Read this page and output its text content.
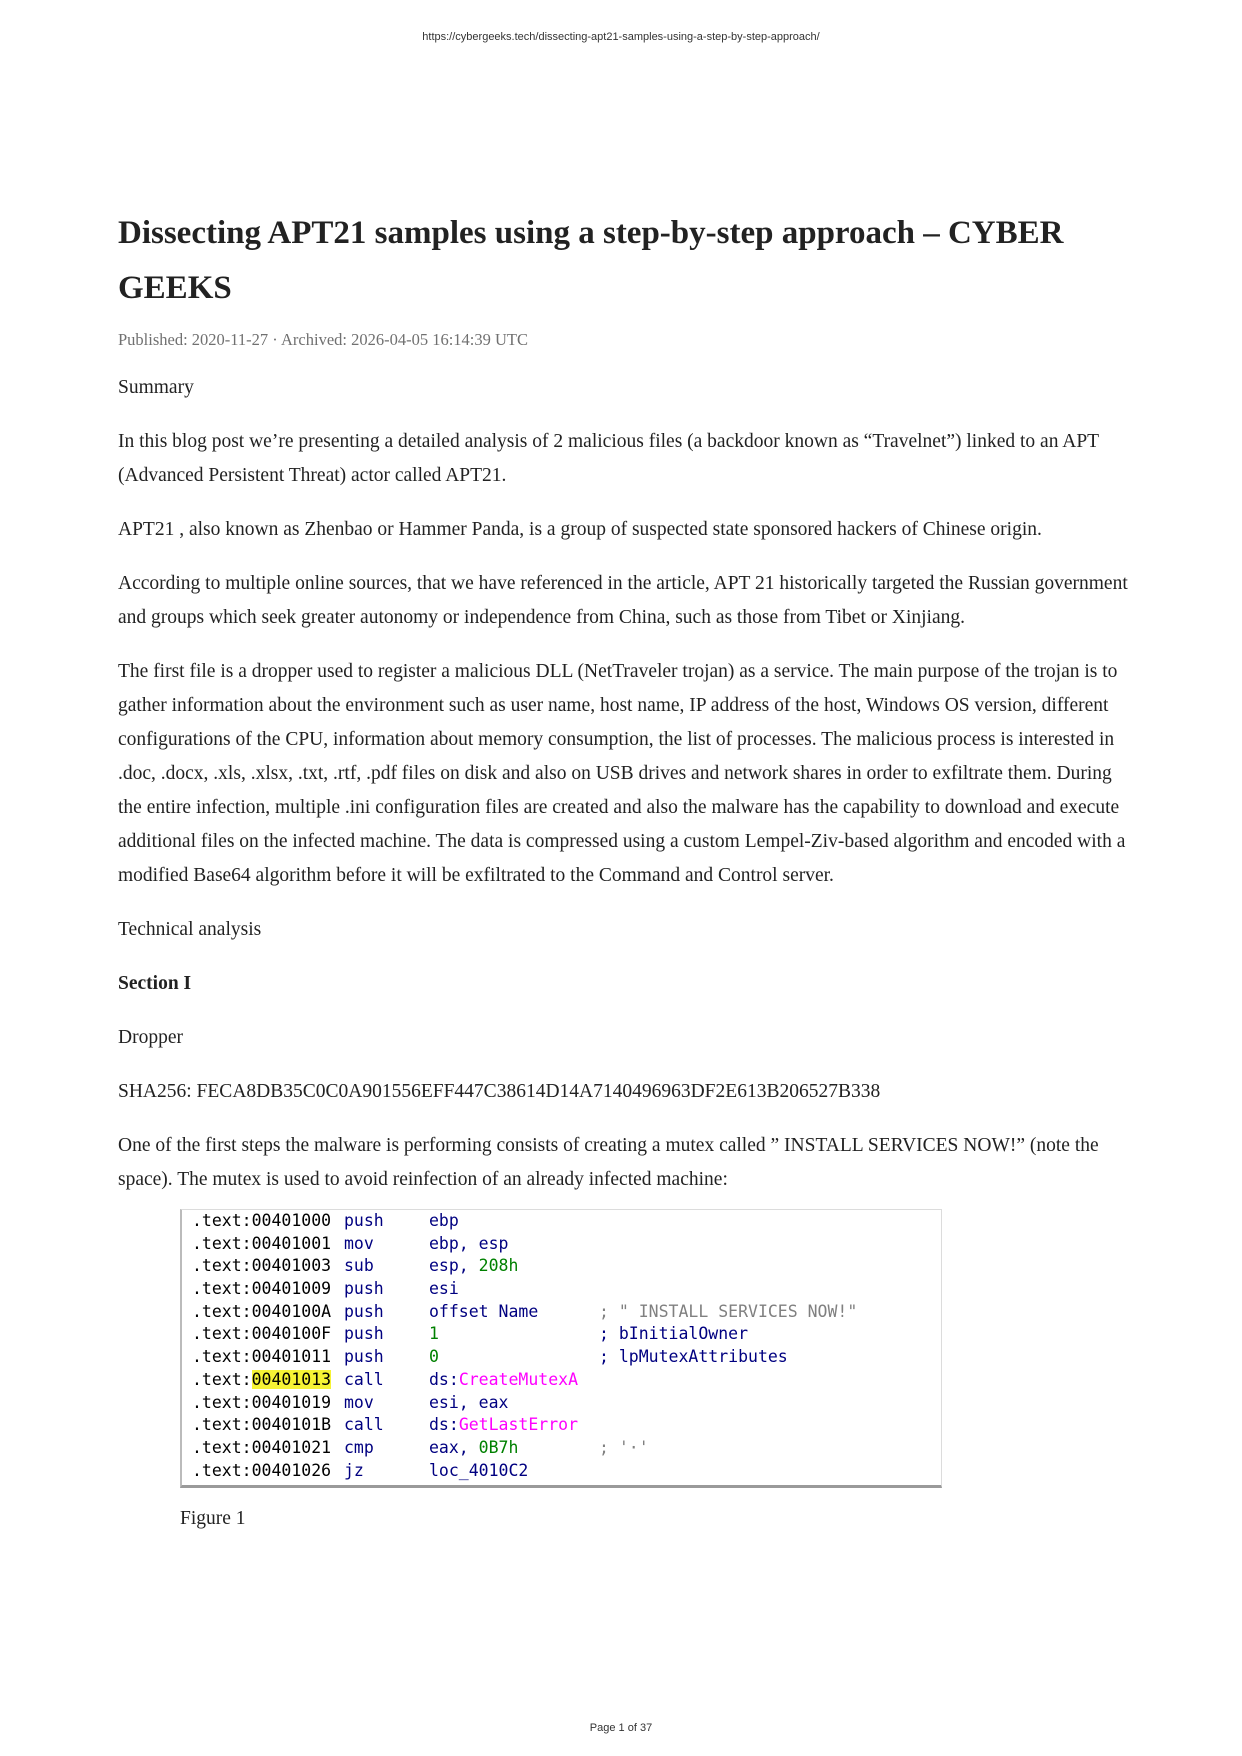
https://cybergeeks.tech/dissecting-apt21-samples-using-a-step-by-step-approach/
Dissecting APT21 samples using a step-by-step approach – CYBER GEEKS
Published: 2020-11-27 · Archived: 2026-04-05 16:14:39 UTC

Summary

In this blog post we’re presenting a detailed analysis of 2 malicious files (a backdoor known as “Travelnet”) linked to an APT (Advanced Persistent Threat) actor called APT21.

APT21 , also known as Zhenbao or Hammer Panda, is a group of suspected state sponsored hackers of Chinese origin.

According to multiple online sources, that we have referenced in the article, APT 21 historically targeted the Russian government and groups which seek greater autonomy or independence from China, such as those from Tibet or Xinjiang.

The first file is a dropper used to register a malicious DLL (NetTraveler trojan) as a service. The main purpose of the trojan is to gather information about the environment such as user name, host name, IP address of the host, Windows OS version, different configurations of the CPU, information about memory consumption, the list of processes. The malicious process is interested in .doc, .docx, .xls, .xlsx, .txt, .rtf, .pdf files on disk and also on USB drives and network shares in order to exfiltrate them. During the entire infection, multiple .ini configuration files are created and also the malware has the capability to download and execute additional files on the infected machine. The data is compressed using a custom Lempel-Ziv-based algorithm and encoded with a modified Base64 algorithm before it will be exfiltrated to the Command and Control server.

Technical analysis

Section I

Dropper

SHA256: FECA8DB35C0C0A901556EFF447C38614D14A7140496963DF2E613B206527B338

One of the first steps the malware is performing consists of creating a mutex called ” INSTALL SERVICES NOW!” (note the space). The mutex is used to avoid reinfection of an already infected machine:

.text:00401000 push	ebp
.text:00401001 mov	ebp, esp
.text:00401003 sub	esp, 208h
.text:00401009 push	esi
.text:0040100A push	offset Name	; " INSTALL SERVICES NOW!"
.text:0040100F push	1	; bInitialOwner
.text:00401011 push	0	; lpMutexAttributes
.text:00401013 call	ds:CreateMutexA
.text:00401019 mov	esi, eax
.text:0040101B call	ds:GetLastError
.text:00401021 cmp	eax, 0B7h	; '·'
.text:00401026 jz	loc_4010C2
Figure 1
Page 1 of 37
